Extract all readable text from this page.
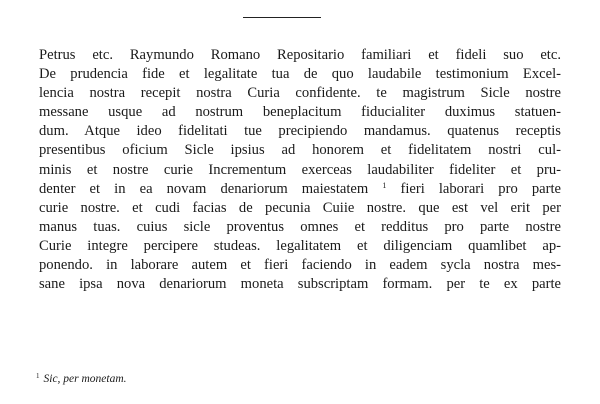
Petrus etc. Raymundo Romano Repositario familiari et fideli suo etc.
De prudencia fide et legalitate tua de quo laudabile testimonium Excel-
lencia nostra recepit nostra Curia confidente. te magistrum Sicle nostre
messane usque ad nostrum beneplacitum fiducialiter duximus statuen-
dum. Atque ideo fidelitati tue precipiendo mandamus. quatenus receptis
presentibus oficium Sicle ipsius ad honorem et fidelitatem nostri cul-
minis et nostre curie Incrementum exerceas laudabiliter fideliter et pru-
denter et in ea novam denariorum maiestatem $^1$ fieri laborari pro parte
curie nostre. et cudi facias de pecunia Cuiie nostre. que est vel erit per
manus tuas. cuius sicle proventus omnes et redditus pro parte nostre
Curie integre percipere studeas. legalitatem et diligenciam quamlibet ap-
ponendo. in laborare autem et fieri faciendo in eadem sycla nostra mes-
sane ipsa nova denariorum moneta subscriptam formam. per te ex parte
$^1$ Sic, per monetam.
